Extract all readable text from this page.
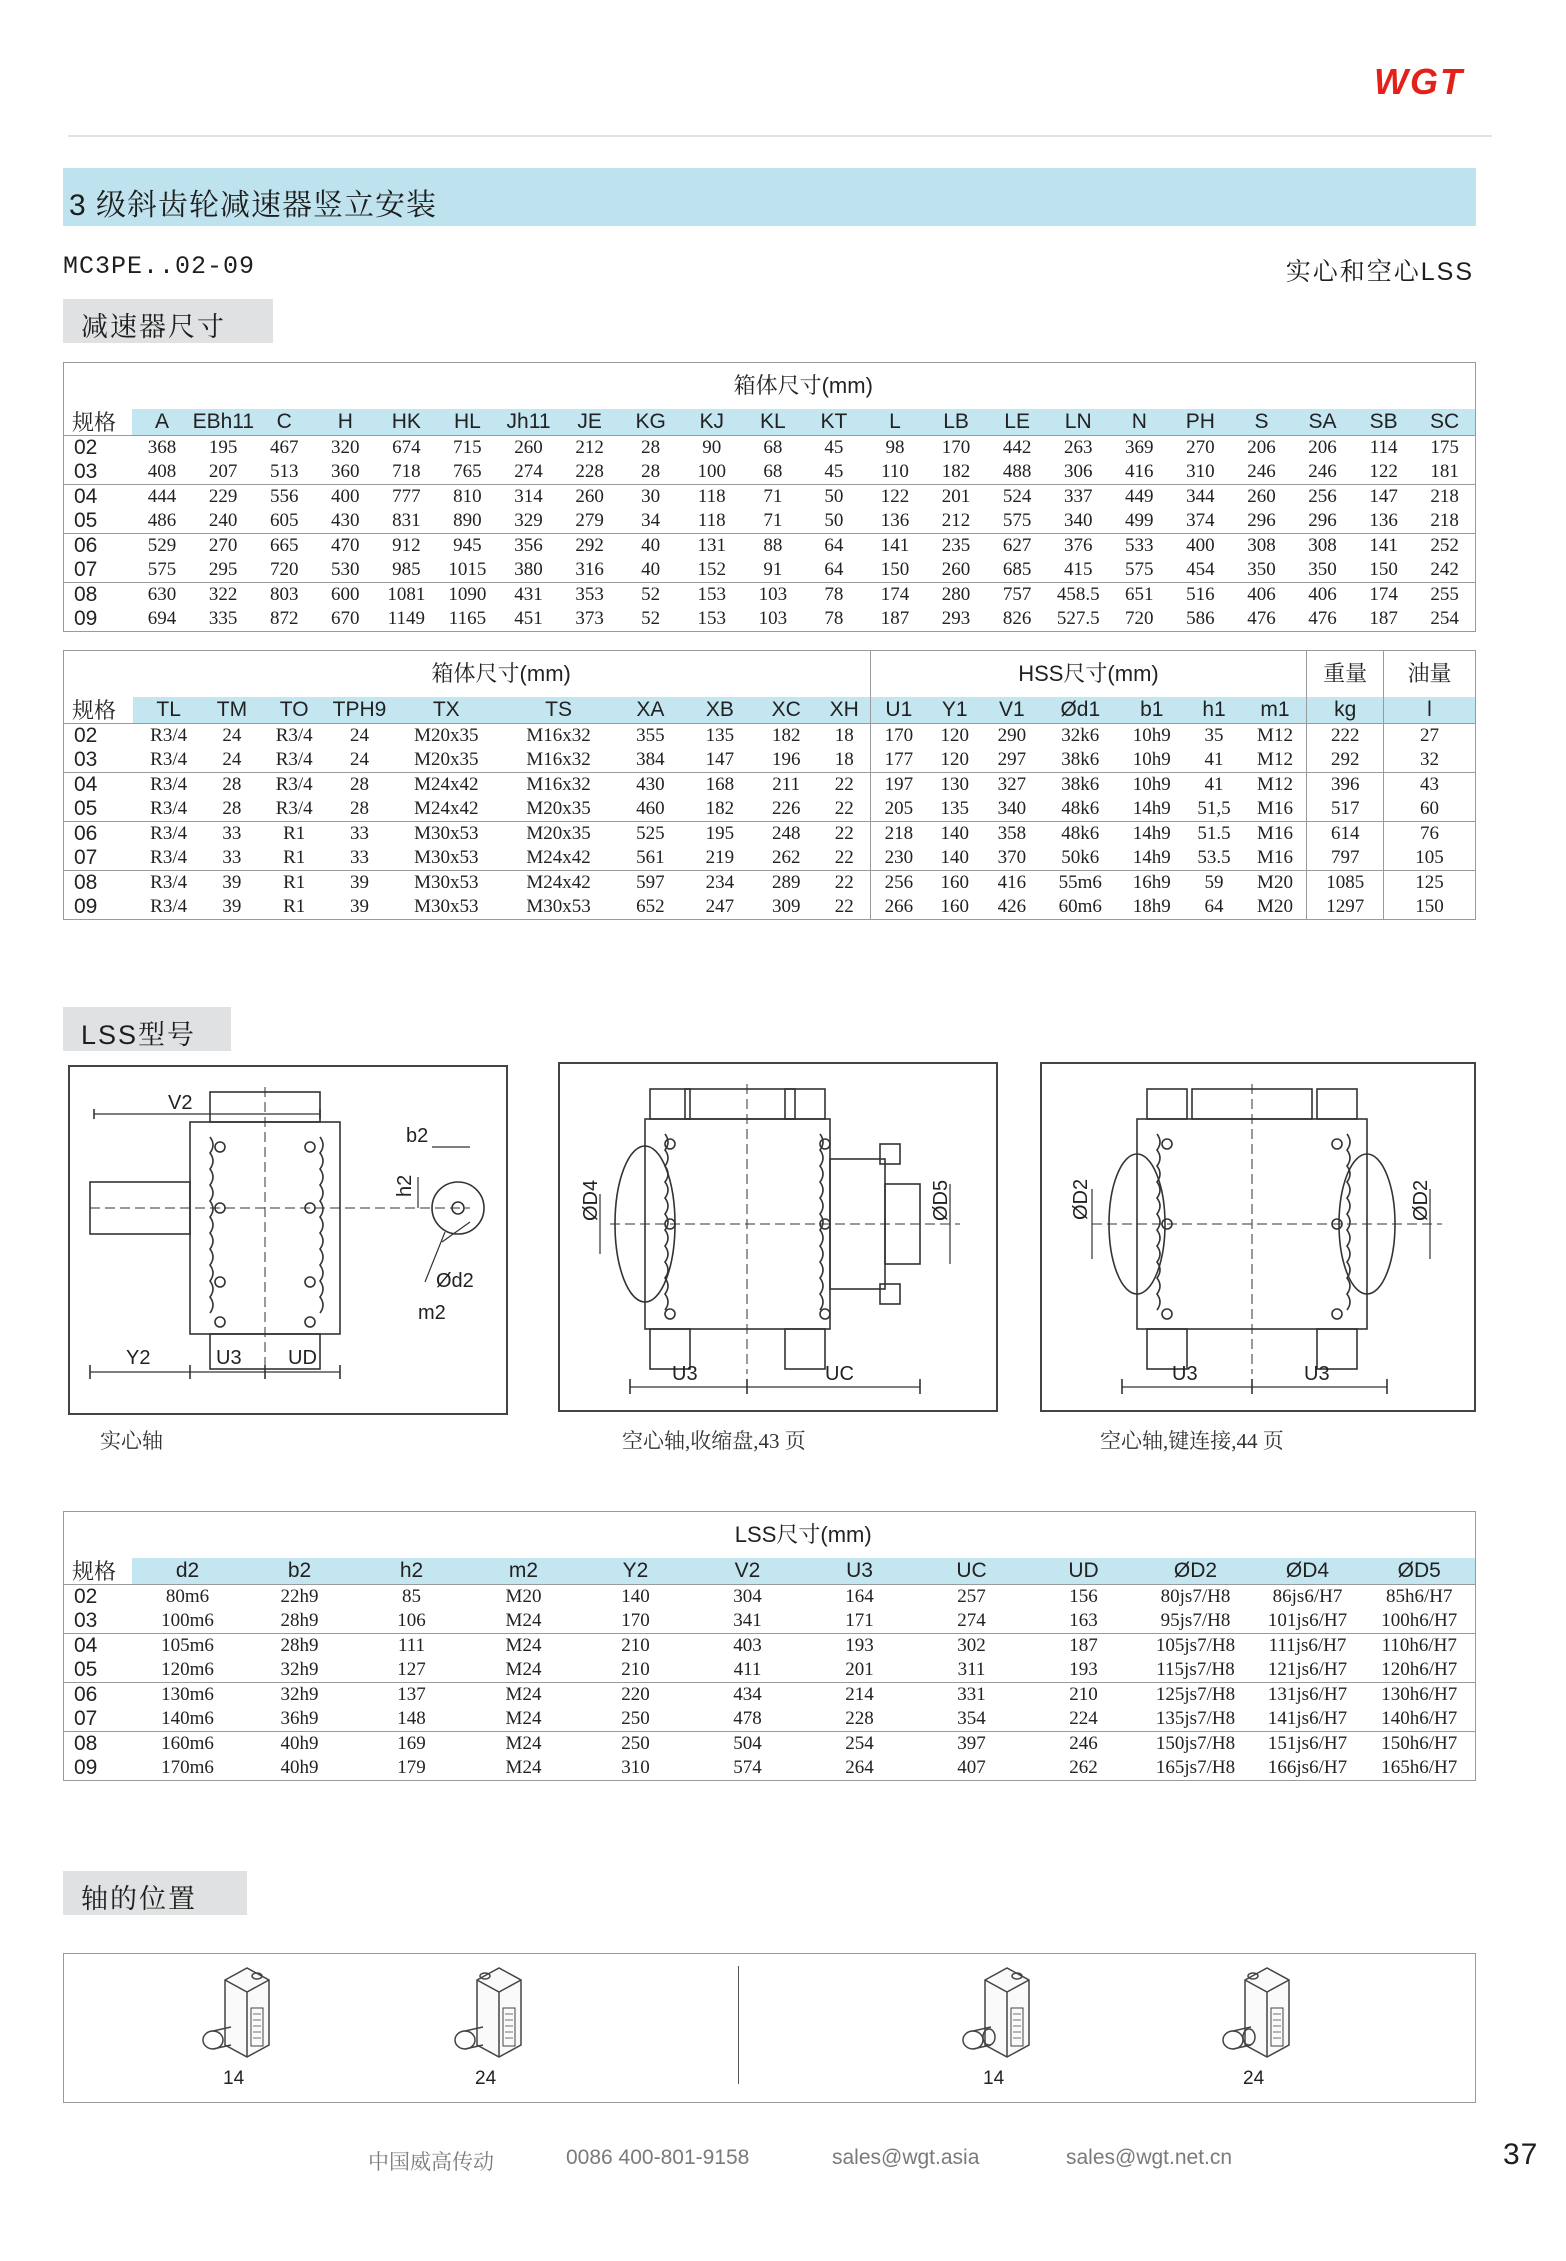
WGT
3 级斜齿轮减速器竖立安装
MC3PE..02-09	实心和空心LSS
减速器尺寸
规格	箱体尺寸(mm)																					
	A	EBh11	C	H	HK	HL	Jh11	JE	KG	KJ	KL	KT	L	LB	LE	LN	N	PH	S	SA	SB	SC
02	368	195	467	320	674	715	260	212	28	90	68	45	98	170	442	263	369	270	206	206	114	175
03	408	207	513	360	718	765	274	228	28	100	68	45	110	182	488	306	416	310	246	246	122	181
04	444	229	556	400	777	810	314	260	30	118	71	50	122	201	524	337	449	344	260	256	147	218
05	486	240	605	430	831	890	329	279	34	118	71	50	136	212	575	340	499	374	296	296	136	218
06	529	270	665	470	912	945	356	292	40	131	88	64	141	235	627	376	533	400	308	308	141	252
07	575	295	720	530	985	1015	380	316	40	152	91	64	150	260	685	415	575	454	350	350	150	242
08	630	322	803	600	1081	1090	431	353	52	153	103	78	174	280	757	458.5	651	516	406	406	174	255
09	694	335	872	670	1149	1165	451	373	52	153	103	78	187	293	826	527.5	720	586	476	476	187	254
规格	箱体尺寸(mm)										HSS尺寸(mm)							重量	油量
	TL	TM	TO	TPH9	TX	TS	XA	XB	XC	XH	U1	Y1	V1	Ød1	b1	h1	m1	kg	l
02	R3/4	24	R3/4	24	M20x35	M16x32	355	135	182	18	170	120	290	32k6	10h9	35	M12	222	27
03	R3/4	24	R3/4	24	M20x35	M16x32	384	147	196	18	177	120	297	38k6	10h9	41	M12	292	32
04	R3/4	28	R3/4	28	M24x42	M16x32	430	168	211	22	197	130	327	38k6	10h9	41	M12	396	43
05	R3/4	28	R3/4	28	M24x42	M20x35	460	182	226	22	205	135	340	48k6	14h9	51,5	M16	517	60
06	R3/4	33	R1	33	M30x53	M20x35	525	195	248	22	218	140	358	48k6	14h9	51.5	M16	614	76
07	R3/4	33	R1	33	M30x53	M24x42	561	219	262	22	230	140	370	50k6	14h9	53.5	M16	797	105
08	R3/4	39	R1	39	M30x53	M24x42	597	234	289	22	256	160	416	55m6	16h9	59	M20	1085	125
09	R3/4	39	R1	39	M30x53	M30x53	652	247	309	22	266	160	426	60m6	18h9	64	M20	1297	150
LSS型号
V2
b2
h2
Ød2
m2
Y2	U3 UD
实心轴
ØD4	ØD5
U3	UC
空心轴,收缩盘,43 页
ØD2	ØD2
U3	U3
空心轴,键连接,44 页
规格	LSS尺寸(mm)											
	d2	b2	h2	m2	Y2	V2	U3	UC	UD	ØD2	ØD4	ØD5
02	80m6	22h9	85	M20	140	304	164	257	156	80js7/H8	86js6/H7	85h6/H7
03	100m6	28h9	106	M24	170	341	171	274	163	95js7/H8	101js6/H7	100h6/H7
04	105m6	28h9	111	M24	210	403	193	302	187	105js7/H8	111js6/H7	110h6/H7
05	120m6	32h9	127	M24	210	411	201	311	193	115js7/H8	121js6/H7	120h6/H7
06	130m6	32h9	137	M24	220	434	214	331	210	125js7/H8	131js6/H7	130h6/H7
07	140m6	36h9	148	M24	250	478	228	354	224	135js7/H8	141js6/H7	140h6/H7
08	160m6	40h9	169	M24	250	504	254	397	246	150js7/H8	151js6/H7	150h6/H7
09	170m6	40h9	179	M24	310	574	264	407	262	165js7/H8	166js6/H7	165h6/H7
轴的位置
14	24	14	24
中国威高传动	0086 400-801-9158	sales@wgt.asia	sales@wgt.net.cn	37
